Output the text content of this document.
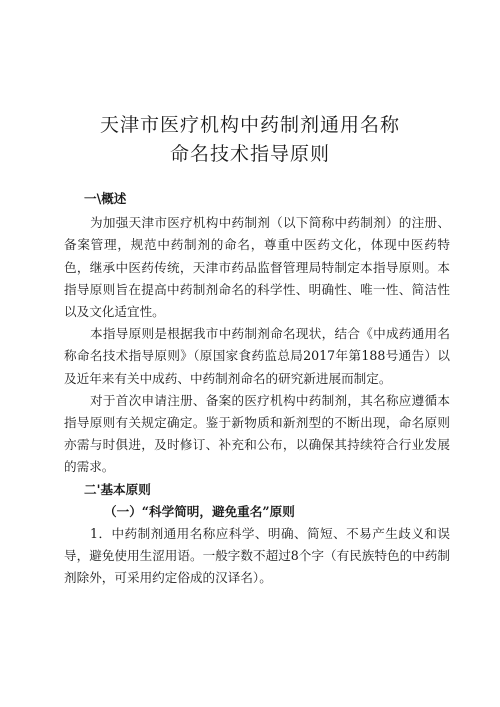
天津市医疗机构中药制剂通用名称
命名技术指导原则

一\概述

为加强天津市医疗机构中药制剂（以下简称中药制剂）的注册、备案管理，规范中药制剂的命名，尊重中医药文化，体现中医药特色，继承中医药传统，天津市药品监督管理局特制定本指导原则。本指导原则旨在提高中药制剂命名的科学性、明确性、唯一性、简洁性以及文化适宜性。

本指导原则是根据我市中药制剂命名现状，结合《中成药通用名称命名技术指导原则》（原国家食药监总局2017年第188号通告）以及近年来有关中成药、中药制剂命名的研究新进展而制定。

对于首次申请注册、备案的医疗机构中药制剂，其名称应遵循本指导原则有关规定确定。鉴于新物质和新剂型的不断出现，命名原则亦需与时俱进，及时修订、补充和公布，以确保其持续符合行业发展的需求。

二'基本原则

（一）“科学简明，避免重名”原则

1．中药制剂通用名称应科学、明确、简短、不易产生歧义和误导，避免使用生涩用语。一般字数不超过8个字（有民族特色的中药制剂除外，可采用约定俗成的汉译名）。
